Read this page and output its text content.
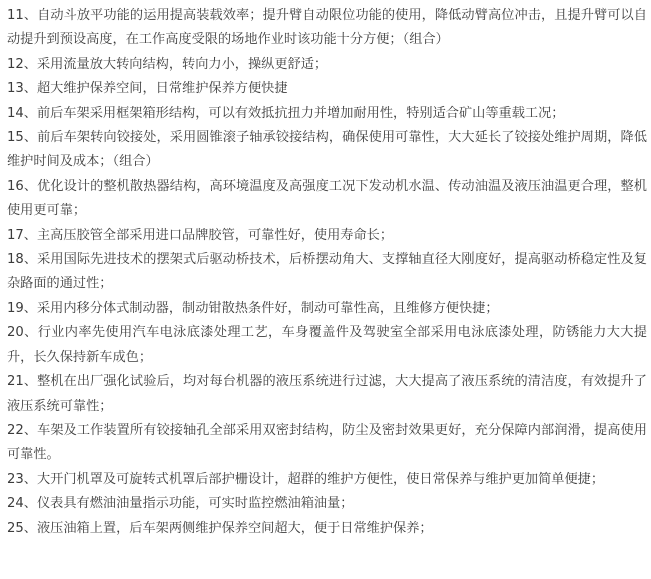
11、自动斗放平功能的运用提高装载效率；提升臂自动限位功能的使用，降低动臂高位冲击，且提升臂可以自动提升到预设高度，在工作高度受限的场地作业时该功能十分方便；（组合）

12、采用流量放大转向结构，转向力小，操纵更舒适；

13、超大维护保养空间，日常维护保养方便快捷

14、前后车架采用框架箱形结构，可以有效抵抗扭力并增加耐用性，特别适合矿山等重载工况；

15、前后车架转向铰接处，采用圆锥滚子轴承铰接结构，确保使用可靠性，大大延长了铰接处维护周期，降低维护时间及成本；（组合）

16、优化设计的整机散热器结构，高环境温度及高强度工况下发动机水温、传动油温及液压油温更合理，整机使用更可靠；

17、主高压胶管全部采用进口品牌胶管，可靠性好，使用寿命长；

18、采用国际先进技术的摆架式后驱动桥技术，后桥摆动角大、支撑轴直径大刚度好，提高驱动桥稳定性及复杂路面的通过性；

19、采用内移分体式制动器，制动钳散热条件好，制动可靠性高，且维修方便快捷；

20、行业内率先使用汽车电泳底漆处理工艺，车身覆盖件及驾驶室全部采用电泳底漆处理，防锈能力大大提升，长久保持新车成色；

21、整机在出厂强化试验后，均对每台机器的液压系统进行过滤，大大提高了液压系统的清洁度，有效提升了液压系统可靠性；

22、车架及工作装置所有铰接轴孔全部采用双密封结构，防尘及密封效果更好，充分保障内部润滑，提高使用可靠性。

23、大开门机罩及可旋转式机罩后部护栅设计，超群的维护方便性，使日常保养与维护更加简单便捷；

24、仪表具有燃油油量指示功能，可实时监控燃油箱油量；

25、液压油箱上置，后车架两侧维护保养空间超大，便于日常维护保养；
